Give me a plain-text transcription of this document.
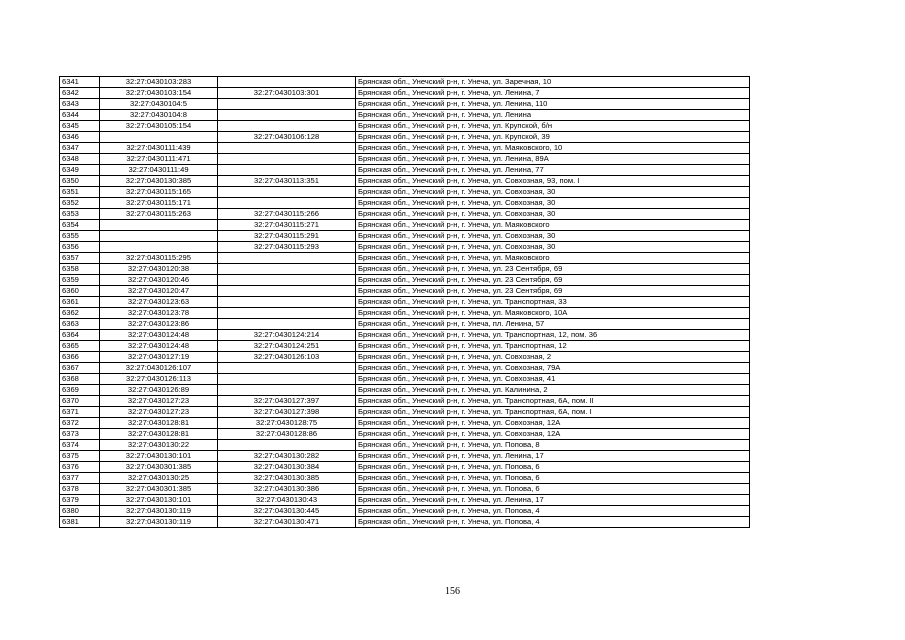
6341	32:27:0430103:283		Брянская обл., Унечский р-н, г. Унеча, ул. Заречная, 10
6342	32:27:0430103:154	32:27:0430103:301	Брянская обл., Унечский р-н, г. Унеча, ул. Ленина, 7
6343	32:27:0430104:5		Брянская обл., Унечский р-н, г. Унеча, ул. Ленина, 110
6344	32:27:0430104:8		Брянская обл., Унечский р-н, г. Унеча, ул. Ленина
6345	32:27:0430105:154		Брянская обл., Унечский р-н, г. Унеча, ул. Крупской, б/н
6346		32:27:0430106:128	Брянская обл., Унечский р-н, г. Унеча, ул. Крупской, 39
6347	32:27:0430111:439		Брянская обл., Унечский р-н, г. Унеча, ул. Маяковского, 10
6348	32:27:0430111:471		Брянская обл., Унечский р-н, г. Унеча, ул. Ленина, 89А
6349	32:27:0430111:49		Брянская обл., Унечский р-н, г. Унеча, ул. Ленина, 77
6350	32:27:0430130:385	32:27:0430113:351	Брянская обл., Унечский р-н, г. Унеча, ул. Совхозная, 93, пом. I
6351	32:27:0430115:165		Брянская обл., Унечский р-н, г. Унеча, ул. Совхозная, 30
6352	32:27:0430115:171		Брянская обл., Унечский р-н, г. Унеча, ул. Совхозная, 30
6353	32:27:0430115:263	32:27:0430115:266	Брянская обл., Унечский р-н, г. Унеча, ул. Совхозная, 30
6354		32:27:0430115:271	Брянская обл., Унечский р-н, г. Унеча, ул. Маяковского
6355		32:27:0430115:291	Брянская обл., Унечский р-н, г. Унеча, ул. Совхозная, 30
6356		32:27:0430115:293	Брянская обл., Унечский р-н, г. Унеча, ул. Совхозная, 30
6357	32:27:0430115:295		Брянская обл., Унечский р-н, г. Унеча, ул. Маяковского
6358	32:27:0430120:38		Брянская обл., Унечский р-н, г. Унеча, ул. 23 Сентября, 69
6359	32:27:0430120:46		Брянская обл., Унечский р-н, г. Унеча, ул. 23 Сентября, 69
6360	32:27:0430120:47		Брянская обл., Унечский р-н, г. Унеча, ул. 23 Сентября, 69
6361	32:27:0430123:63		Брянская обл., Унечский р-н, г. Унеча, ул. Транспортная, 33
6362	32:27:0430123:78		Брянская обл., Унечский р-н, г. Унеча, ул. Маяковского, 10А
6363	32:27:0430123:86		Брянская обл., Унечский р-н, г. Унеча, пл. Ленина, 57
6364	32:27:0430124:48	32:27:0430124:214	Брянская обл., Унечский р-н, г. Унеча, ул. Транспортная, 12, пом. 36
6365	32:27:0430124:48	32:27:0430124:251	Брянская обл., Унечский р-н, г. Унеча, ул. Транспортная, 12
6366	32:27:0430127:19	32:27:0430126:103	Брянская обл., Унечский р-н, г. Унеча, ул. Совхозная, 2
6367	32:27:0430126:107		Брянская обл., Унечский р-н, г. Унеча, ул. Совхозная, 79А
6368	32:27:0430126:113		Брянская обл., Унечский р-н, г. Унеча, ул. Совхозная, 41
6369	32:27:0430126:89		Брянская обл., Унечский р-н, г. Унеча, ул. Калинина, 2
6370	32:27:0430127:23	32:27:0430127:397	Брянская обл., Унечский р-н, г. Унеча, ул. Транспортная, 6А, пом. II
6371	32:27:0430127:23	32:27:0430127:398	Брянская обл., Унечский р-н, г. Унеча, ул. Транспортная, 6А, пом. I
6372	32:27:0430128:81	32:27:0430128:75	Брянская обл., Унечский р-н, г. Унеча, ул. Совхозная, 12А
6373	32:27:0430128:81	32:27:0430128:86	Брянская обл., Унечский р-н, г. Унеча, ул. Совхозная, 12А
6374	32:27:0430130:22		Брянская обл., Унечский р-н, г. Унеча, ул. Попова, 8
6375	32:27:0430130:101	32:27:0430130:282	Брянская обл., Унечский р-н, г. Унеча, ул. Ленина, 17
6376	32:27:0430301:385	32:27:0430130:384	Брянская обл., Унечский р-н, г. Унеча, ул. Попова, 6
6377	32:27:0430130:25	32:27:0430130:385	Брянская обл., Унечский р-н, г. Унеча, ул. Попова, 6
6378	32:27:0430301:385	32:27:0430130:386	Брянская обл., Унечский р-н, г. Унеча, ул. Попова, 6
6379	32:27:0430130:101	32:27:0430130:43	Брянская обл., Унечский р-н, г. Унеча, ул. Ленина, 17
6380	32:27:0430130:119	32:27:0430130:445	Брянская обл., Унечский р-н, г. Унеча, ул. Попова, 4
6381	32:27:0430130:119	32:27:0430130:471	Брянская обл., Унечский р-н, г. Унеча, ул. Попова, 4
156
